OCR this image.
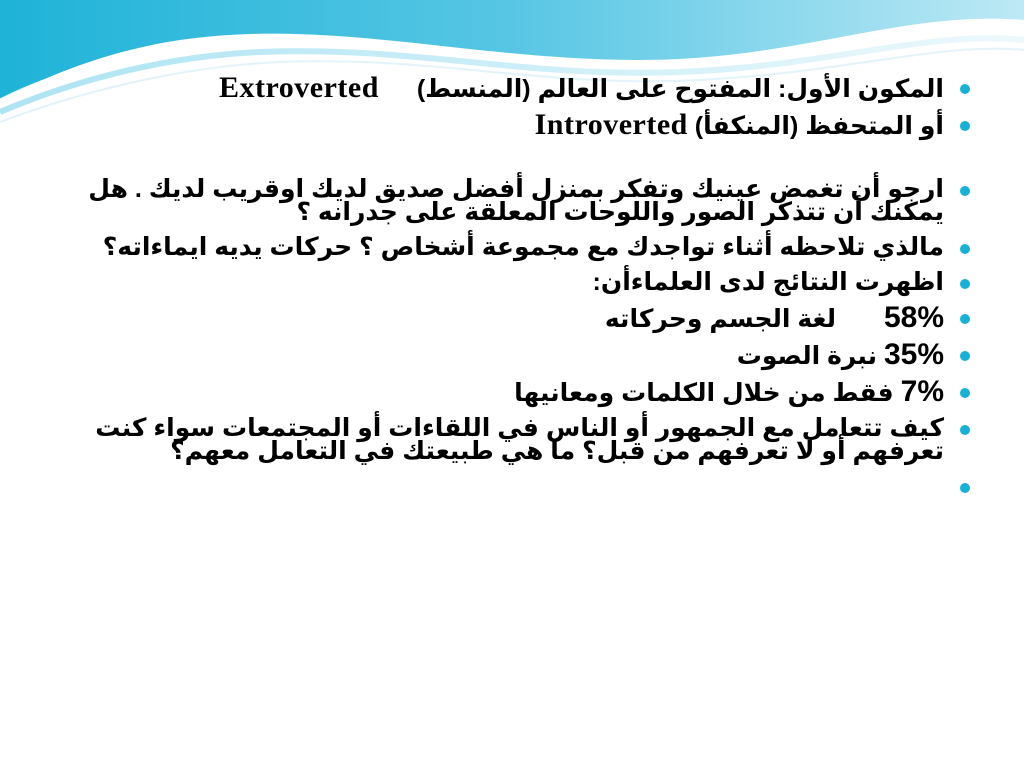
المكون الأول: المفتوح على العالم (المنسط)  Extroverted
أو المتحفظ (المنكفأ) Introverted
ارجو أن تغمض عينيك وتفكر بمنزل أفضل صديق لديك اوقريب لديك . هل يمكنك أن تتذكر الصور واللوحات المعلقة على جدرانه ؟
مالذي تلاحظه أثناء تواجدك مع مجموعة أشخاص ؟ حركات يديه ايماءاته؟
اظهرت النتائج لدى العلماءأن:
58%  لغة الجسم وحركاته
35% نبرة الصوت
7% فقط من خلال الكلمات ومعانيها
كيف تتعامل مع الجمهور أو الناس في اللقاءات أو المجتمعات سواء كنت تعرفهم أو لا تعرفهم من قبل؟ ما هي طبيعتك في التعامل معهم؟
